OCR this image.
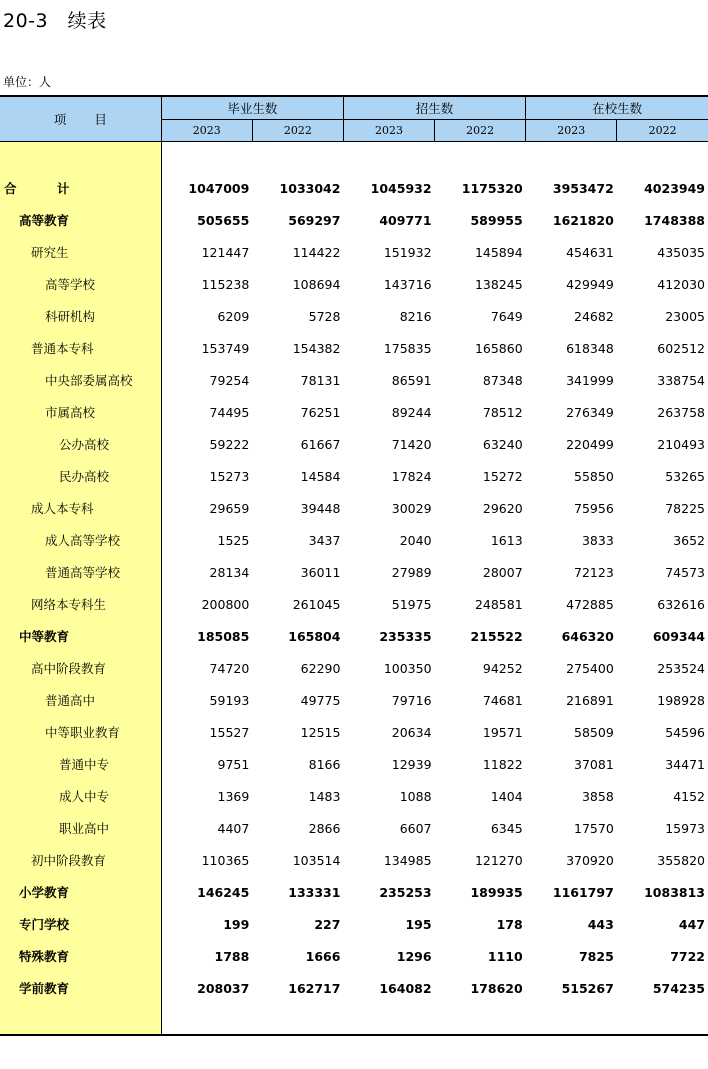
20-3　续表
单位：人
项 目	毕业生数		招生数		在校生数	
	2023	2022	2023	2022	2023	2022

合 计	1047009	1033042	1045932	1175320	3953472	4023949
高等教育	505655	569297	409771	589955	1621820	1748388
研究生	121447	114422	151932	145894	454631	435035
高等学校	115238	108694	143716	138245	429949	412030
科研机构	6209	5728	8216	7649	24682	23005
普通本专科	153749	154382	175835	165860	618348	602512
中央部委属高校	79254	78131	86591	87348	341999	338754
市属高校	74495	76251	89244	78512	276349	263758
公办高校	59222	61667	71420	63240	220499	210493
民办高校	15273	14584	17824	15272	55850	53265
成人本专科	29659	39448	30029	29620	75956	78225
成人高等学校	1525	3437	2040	1613	3833	3652
普通高等学校	28134	36011	27989	28007	72123	74573
网络本专科生	200800	261045	51975	248581	472885	632616
中等教育	185085	165804	235335	215522	646320	609344
高中阶段教育	74720	62290	100350	94252	275400	253524
普通高中	59193	49775	79716	74681	216891	198928
中等职业教育	15527	12515	20634	19571	58509	54596
普通中专	9751	8166	12939	11822	37081	34471
成人中专	1369	1483	1088	1404	3858	4152
职业高中	4407	2866	6607	6345	17570	15973
初中阶段教育	110365	103514	134985	121270	370920	355820
小学教育	146245	133331	235253	189935	1161797	1083813
专门学校	199	227	195	178	443	447
特殊教育	1788	1666	1296	1110	7825	7722
学前教育	208037	162717	164082	178620	515267	574235
